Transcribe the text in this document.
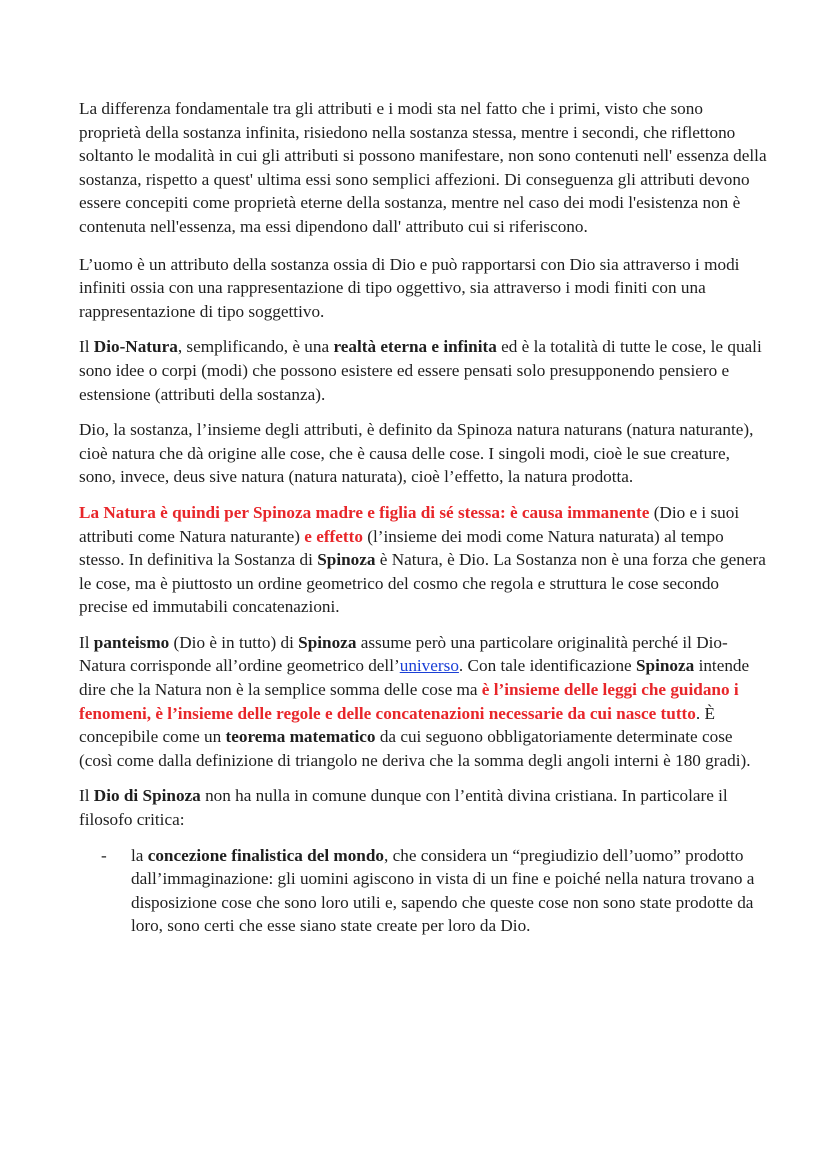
La differenza fondamentale tra gli attributi e i modi sta nel fatto che i primi, visto che sono proprietà della sostanza infinita, risiedono nella sostanza stessa, mentre i secondi, che riflettono soltanto le modalità in cui gli attributi si possono manifestare, non sono contenuti nell' essenza della sostanza, rispetto a quest' ultima essi sono semplici affezioni. Di conseguenza gli attributi devono essere concepiti come proprietà eterne della sostanza, mentre nel caso dei modi l'esistenza non è contenuta nell'essenza, ma essi dipendono dall' attributo cui si riferiscono.

L’uomo è un attributo della sostanza ossia di Dio e può rapportarsi con Dio sia attraverso i modi infiniti ossia con una rappresentazione di tipo oggettivo, sia attraverso i modi finiti con una rappresentazione di tipo soggettivo.

Il Dio-Natura, semplificando, è una realtà eterna e infinita ed è la totalità di tutte le cose, le quali sono idee o corpi (modi) che possono esistere ed essere pensati solo presupponendo pensiero e estensione (attributi della sostanza).

Dio, la sostanza, l’insieme degli attributi, è definito da Spinoza natura naturans (natura naturante), cioè natura che dà origine alle cose, che è causa delle cose. I singoli modi, cioè le sue creature, sono, invece, deus sive natura (natura naturata), cioè l’effetto, la natura prodotta.

La Natura è quindi per Spinoza madre e figlia di sé stessa: è causa immanente (Dio e i suoi attributi come Natura naturante) e effetto (l’insieme dei modi come Natura naturata) al tempo stesso. In definitiva la Sostanza di Spinoza è Natura, è Dio. La Sostanza non è una forza che genera le cose, ma è piuttosto un ordine geometrico del cosmo che regola e struttura le cose secondo precise ed immutabili concatenazioni.

Il panteismo (Dio è in tutto) di Spinoza assume però una particolare originalità perché il Dio-Natura corrisponde all’ordine geometrico dell’universo. Con tale identificazione Spinoza intende dire che la Natura non è la semplice somma delle cose ma è l’insieme delle leggi che guidano i fenomeni, è l’insieme delle regole e delle concatenazioni necessarie da cui nasce tutto. È concepibile come un teorema matematico da cui seguono obbligatoriamente determinate cose (così come dalla definizione di triangolo ne deriva che la somma degli angoli interni è 180 gradi).

Il Dio di Spinoza non ha nulla in comune dunque con l’entità divina cristiana. In particolare il filosofo critica:

- la concezione finalistica del mondo, che considera un “pregiudizio dell’uomo” prodotto dall’immaginazione: gli uomini agiscono in vista di un fine e poiché nella natura trovano a disposizione cose che sono loro utili e, sapendo che queste cose non sono state prodotte da loro, sono certi che esse siano state create per loro da Dio.
